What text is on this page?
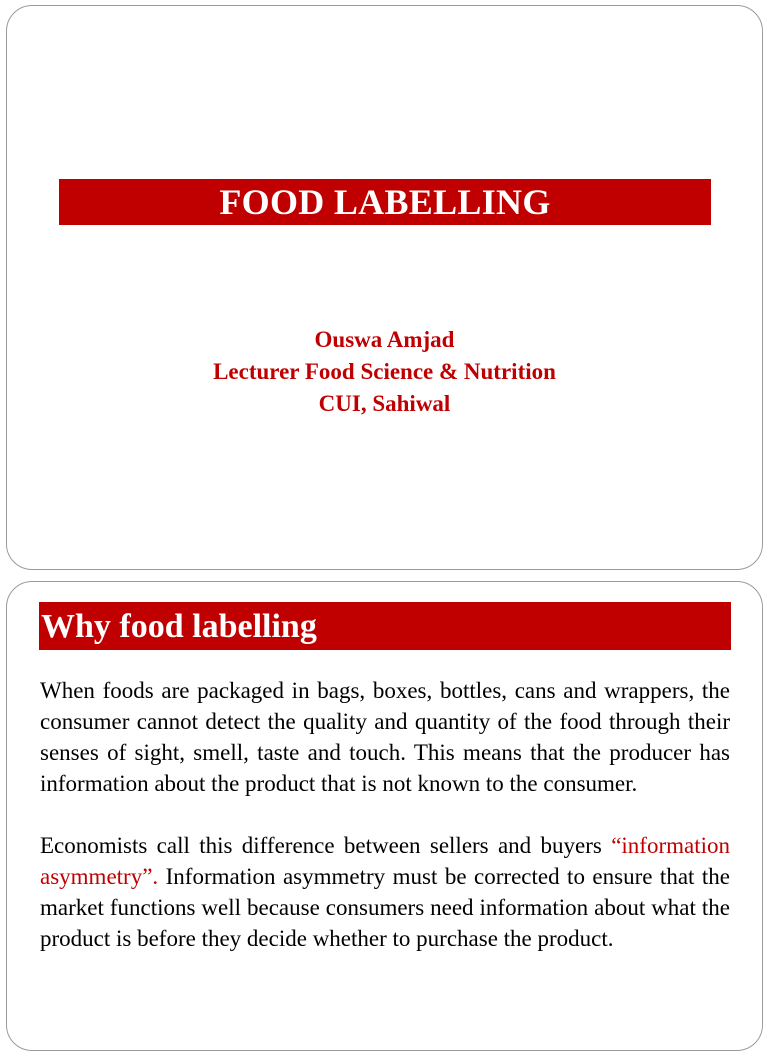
FOOD LABELLING
Ouswa Amjad
Lecturer Food Science & Nutrition
CUI, Sahiwal
Why food labelling

When foods are packaged in bags, boxes, bottles, cans and wrappers, the consumer cannot detect the quality and quantity of the food through their senses of sight, smell, taste and touch. This means that the producer has information about the product that is not known to the consumer.

Economists call this difference between sellers and buyers “information asymmetry”. Information asymmetry must be corrected to ensure that the market functions well because consumers need information about what the product is before they decide whether to purchase the product.
